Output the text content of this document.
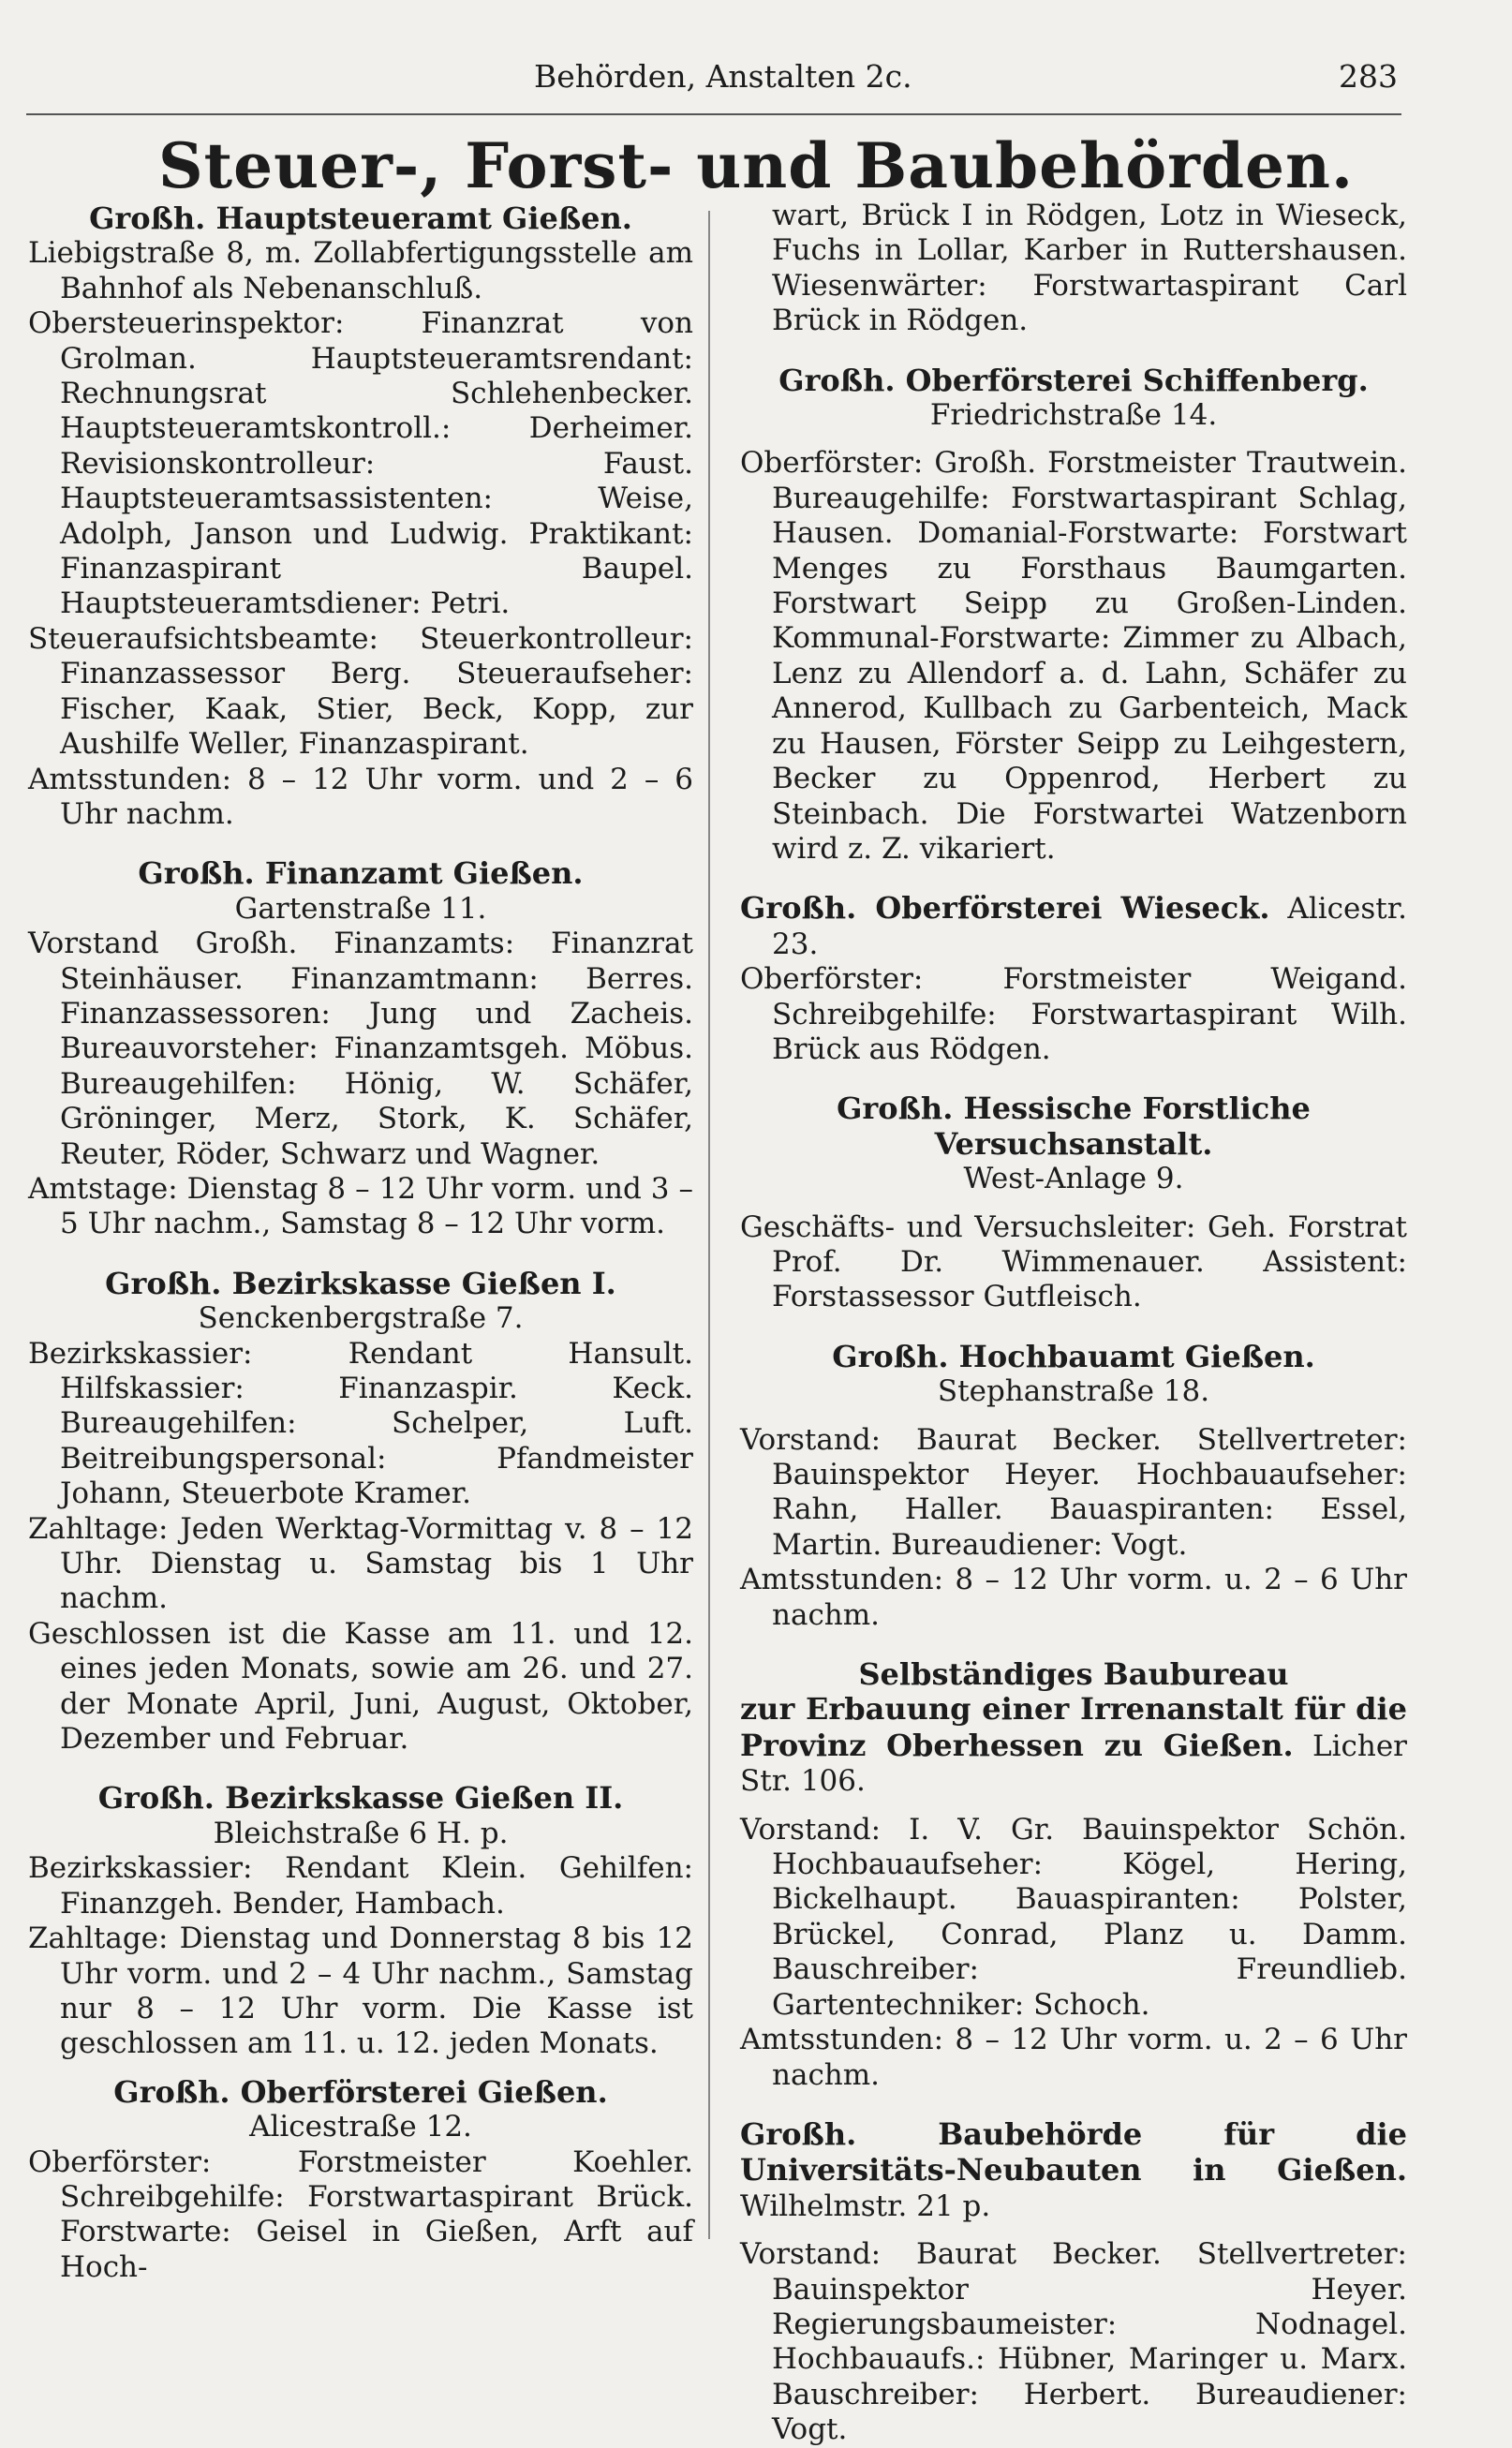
Behörden, Anstalten 2c.	283
Steuer-, Forst- und Baubehörden.

Großh. Hauptsteueramt Gießen.

Liebigstraße 8, m. Zollabfertigungsstelle am Bahnhof als Nebenanschluß.

Obersteuerinspektor: Finanzrat von Grolman. Hauptsteueramtsrendant: Rechnungsrat Schlehenbecker. Hauptsteueramtskontroll.: Derheimer. Revisionskontrolleur: Faust. Hauptsteueramtsassistenten: Weise, Adolph, Janson und Ludwig. Praktikant: Finanzaspirant Baupel. Hauptsteueramtsdiener: Petri.

Steueraufsichtsbeamte: Steuerkontrolleur: Finanzassessor Berg. Steueraufseher: Fischer, Kaak, Stier, Beck, Kopp, zur Aushilfe Weller, Finanzaspirant.

Amtsstunden: 8 – 12 Uhr vorm. und 2 – 6 Uhr nachm.

Großh. Finanzamt Gießen.

Gartenstraße 11.

Vorstand Großh. Finanzamts: Finanzrat Steinhäuser. Finanzamtmann: Berres. Finanzassessoren: Jung und Zacheis. Bureauvorsteher: Finanzamtsgeh. Möbus. Bureaugehilfen: Hönig, W. Schäfer, Gröninger, Merz, Stork, K. Schäfer, Reuter, Röder, Schwarz und Wagner.

Amtstage: Dienstag 8 – 12 Uhr vorm. und 3 – 5 Uhr nachm., Samstag 8 – 12 Uhr vorm.

Großh. Bezirkskasse Gießen I.

Senckenbergstraße 7.

Bezirkskassier: Rendant Hansult. Hilfskassier: Finanzaspir. Keck. Bureaugehilfen: Schelper, Luft. Beitreibungspersonal: Pfandmeister Johann, Steuerbote Kramer.

Zahltage: Jeden Werktag-Vormittag v. 8 – 12 Uhr. Dienstag u. Samstag bis 1 Uhr nachm.

Geschlossen ist die Kasse am 11. und 12. eines jeden Monats, sowie am 26. und 27. der Monate April, Juni, August, Oktober, Dezember und Februar.

Großh. Bezirkskasse Gießen II.

Bleichstraße 6 H. p.

Bezirkskassier: Rendant Klein. Gehilfen: Finanzgeh. Bender, Hambach.

Zahltage: Dienstag und Donnerstag 8 bis 12 Uhr vorm. und 2 – 4 Uhr nachm., Samstag nur 8 – 12 Uhr vorm. Die Kasse ist geschlossen am 11. u. 12. jeden Monats.

Großh. Oberförsterei Gießen.

Alicestraße 12.

Oberförster: Forstmeister Koehler. Schreibgehilfe: Forstwartaspirant Brück. Forstwarte: Geisel in Gießen, Arft auf Hoch-

wart, Brück I in Rödgen, Lotz in Wieseck, Fuchs in Lollar, Karber in Ruttershausen. Wiesenwärter: Forstwartaspirant Carl Brück in Rödgen.

Großh. Oberförsterei Schiffenberg.

Friedrichstraße 14.

Oberförster: Großh. Forstmeister Trautwein. Bureaugehilfe: Forstwartaspirant Schlag, Hausen. Domanial-Forstwarte: Forstwart Menges zu Forsthaus Baumgarten. Forstwart Seipp zu Großen-Linden. Kommunal-Forstwarte: Zimmer zu Albach, Lenz zu Allendorf a. d. Lahn, Schäfer zu Annerod, Kullbach zu Garbenteich, Mack zu Hausen, Förster Seipp zu Leihgestern, Becker zu Oppenrod, Herbert zu Steinbach. Die Forstwartei Watzenborn wird z. Z. vikariert.

Großh. Oberförsterei Wieseck. Alicestr. 23.

Oberförster: Forstmeister Weigand. Schreibgehilfe: Forstwartaspirant Wilh. Brück aus Rödgen.

Großh. Hessische Forstliche Versuchsanstalt.

West-Anlage 9.

Geschäfts- und Versuchsleiter: Geh. Forstrat Prof. Dr. Wimmenauer. Assistent: Forstassessor Gutfleisch.

Großh. Hochbauamt Gießen.

Stephanstraße 18.

Vorstand: Baurat Becker. Stellvertreter: Bauinspektor Heyer. Hochbauaufseher: Rahn, Haller. Bauaspiranten: Essel, Martin. Bureaudiener: Vogt.

Amtsstunden: 8 – 12 Uhr vorm. u. 2 – 6 Uhr nachm.

Selbständiges Baubureau

zur Erbauung einer Irrenanstalt für die Provinz Oberhessen zu Gießen. Licher Str. 106.

Vorstand: I. V. Gr. Bauinspektor Schön. Hochbauaufseher: Kögel, Hering, Bickelhaupt. Bauaspiranten: Polster, Brückel, Conrad, Planz u. Damm. Bauschreiber: Freundlieb. Gartentechniker: Schoch.

Amtsstunden: 8 – 12 Uhr vorm. u. 2 – 6 Uhr nachm.

Großh. Baubehörde für die Universitäts-Neubauten in Gießen. Wilhelmstr. 21 p.

Vorstand: Baurat Becker. Stellvertreter: Bauinspektor Heyer. Regierungsbaumeister: Nodnagel. Hochbauaufs.: Hübner, Maringer u. Marx. Bauschreiber: Herbert. Bureaudiener: Vogt.
